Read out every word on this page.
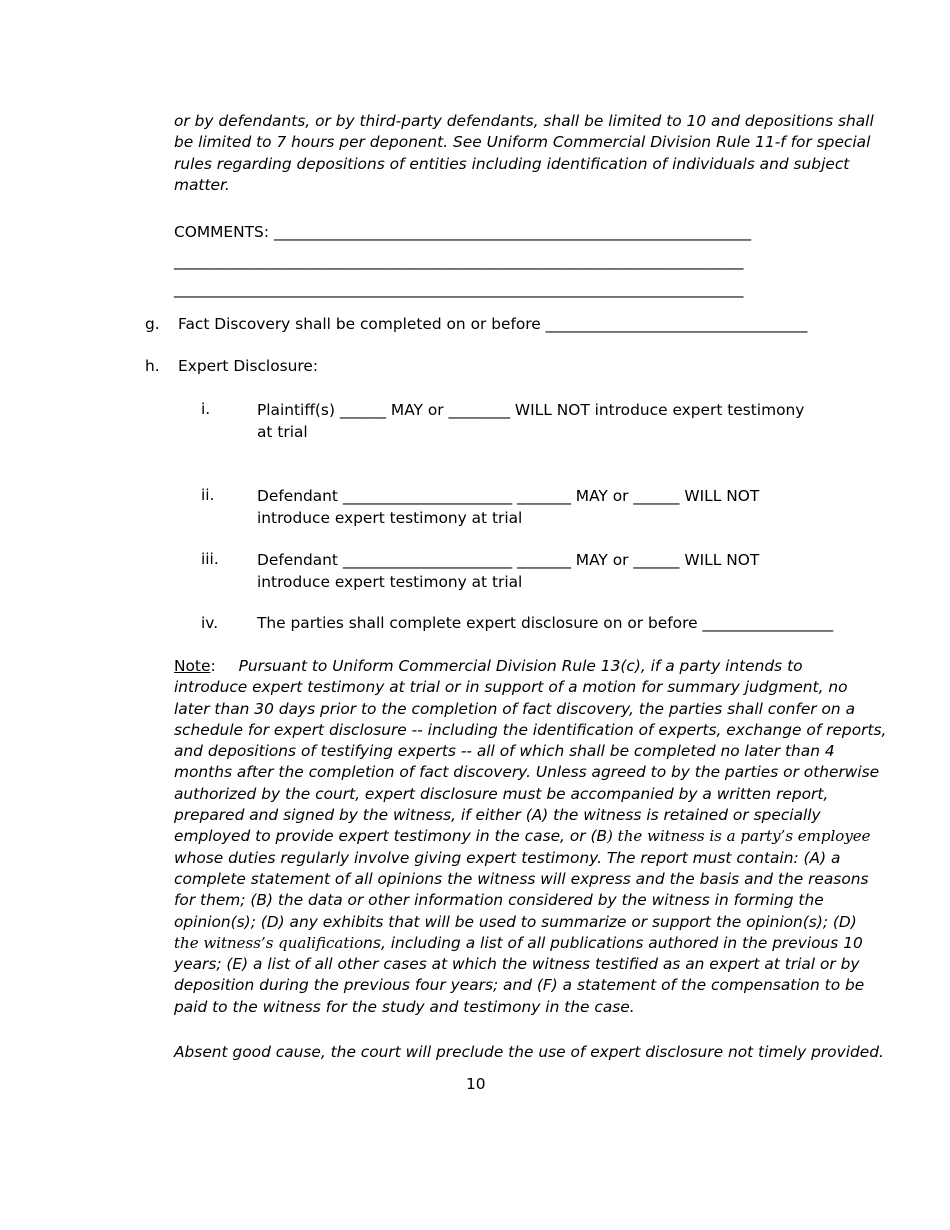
or by defendants, or by third-party defendants, shall be limited to 10 and depositions shall
be limited to 7 hours per deponent. See Uniform Commercial Division Rule 11-f for special
rules regarding depositions of entities including identification of individuals and subject
matter.
COMMENTS: ______________________________________________________________
__________________________________________________________________________
__________________________________________________________________________
g. Fact Discovery shall be completed on or before __________________________________
h. Expert Disclosure:
i.	Plaintiff(s) ______ MAY or ________ WILL NOT introduce expert testimony
at trial
ii.	Defendant ______________________ _______ MAY or ______ WILL NOT
introduce expert testimony at trial
iii. Defendant ______________________ _______ MAY or ______ WILL NOT
introduce expert testimony at trial
iv.	The parties shall complete expert disclosure on or before _________________
Note: Pursuant to Uniform Commercial Division Rule 13(c), if a party intends to
introduce expert testimony at trial or in support of a motion for summary judgment, no
later than 30 days prior to the completion of fact discovery, the parties shall confer on a
schedule for expert disclosure -- including the identification of experts, exchange of reports,
and depositions of testifying experts -- all of which shall be completed no later than 4
months after the completion of fact discovery. Unless agreed to by the parties or otherwise
authorized by the court, expert disclosure must be accompanied by a written report,
prepared and signed by the witness, if either (A) the witness is retained or specially
employed to provide expert testimony in the case, or (B) the witness is a party’s employee
whose duties regularly involve giving expert testimony. The report must contain: (A) a
complete statement of all opinions the witness will express and the basis and the reasons
for them; (B) the data or other information considered by the witness in forming the
opinion(s); (D) any exhibits that will be used to summarize or support the opinion(s); (D)
the witness’s qualifications, including a list of all publications authored in the previous 10
years; (E) a list of all other cases at which the witness testified as an expert at trial or by
deposition during the previous four years; and (F) a statement of the compensation to be
paid to the witness for the study and testimony in the case.
Absent good cause, the court will preclude the use of expert disclosure not timely provided.
10
